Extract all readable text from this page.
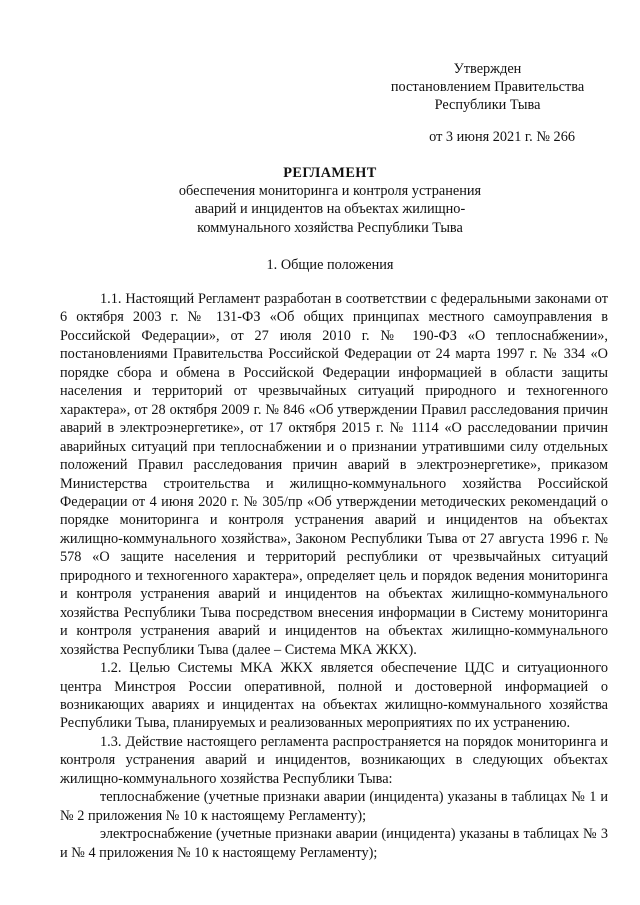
Утвержден
постановлением Правительства
Республики Тыва
от 3 июня 2021 г. № 266
РЕГЛАМЕНТ
обеспечения мониторинга и контроля устранения
аварий и инцидентов на объектах жилищно-
коммунального хозяйства Республики Тыва
1. Общие положения

1.1. Настоящий Регламент разработан в соответствии с федеральными законами от 6 октября 2003 г. № 131-ФЗ «Об общих принципах местного самоуправления в Российской Федерации», от 27 июля 2010 г. № 190-ФЗ «О теплоснабжении», постановлениями Правительства Российской Федерации от 24 марта 1997 г. № 334 «О порядке сбора и обмена в Российской Федерации информацией в области защиты населения и территорий от чрезвычайных ситуаций природного и техногенного характера», от 28 октября 2009 г. № 846 «Об утверждении Правил расследования причин аварий в электроэнергетике», от 17 октября 2015 г. № 1114 «О расследовании причин аварийных ситуаций при теплоснабжении и о признании утратившими силу отдельных положений Правил расследования причин аварий в электроэнергетике», приказом Министерства строительства и жилищно-коммунального хозяйства Российской Федерации от 4 июня 2020 г. № 305/пр «Об утверждении методических рекомендаций о порядке мониторинга и контроля устранения аварий и инцидентов на объектах жилищно-коммунального хозяйства», Законом Республики Тыва от 27 августа 1996 г. № 578 «О защите населения и территорий республики от чрезвычайных ситуаций природного и техногенного характера», определяет цель и порядок ведения мониторинга и контроля устранения аварий и инцидентов на объектах жилищно-коммунального хозяйства Республики Тыва посредством внесения информации в Систему мониторинга и контроля устранения аварий и инцидентов на объектах жилищно-коммунального хозяйства Республики Тыва (далее – Система МКА ЖКХ).

1.2. Целью Системы МКА ЖКХ является обеспечение ЦДС и ситуационного центра Минстроя России оперативной, полной и достоверной информацией о возникающих авариях и инцидентах на объектах жилищно-коммунального хозяйства Республики Тыва, планируемых и реализованных мероприятиях по их устранению.

1.3. Действие настоящего регламента распространяется на порядок мониторинга и контроля устранения аварий и инцидентов, возникающих в следующих объектах жилищно-коммунального хозяйства Республики Тыва:

теплоснабжение (учетные признаки аварии (инцидента) указаны в таблицах № 1 и № 2 приложения № 10 к настоящему Регламенту);

электроснабжение (учетные признаки аварии (инцидента) указаны в таблицах № 3 и № 4 приложения № 10 к настоящему Регламенту);
